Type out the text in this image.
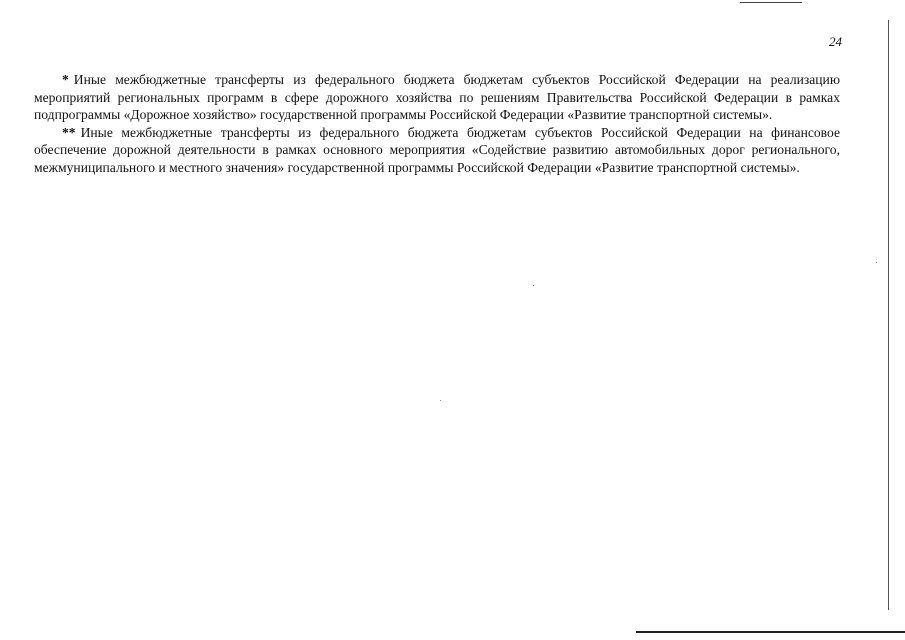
24

* Иные межбюджетные трансферты из федерального бюджета бюджетам субъектов Российской Федерации на реализацию мероприятий региональных программ в сфере дорожного хозяйства по решениям Правительства Российской Федерации в рамках подпрограммы «Дорожное хозяйство» государственной программы Российской Федерации «Развитие транспортной системы».

** Иные межбюджетные трансферты из федерального бюджета бюджетам субъектов Российской Федерации на финансовое обеспечение дорожной деятельности в рамках основного мероприятия «Содействие развитию автомобильных дорог регионального, межмуниципального и местного значения» государственной программы Российской Федерации «Развитие транспортной системы».
